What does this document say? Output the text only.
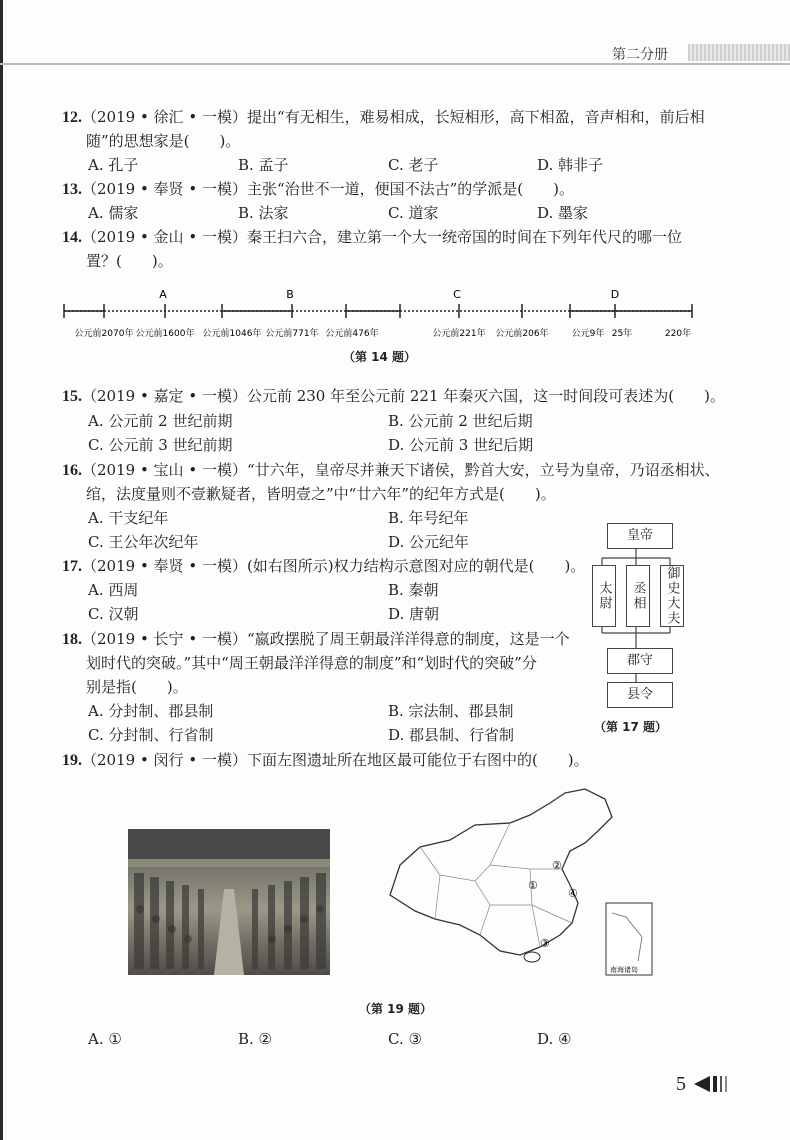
第二分册
12.（2019 • 徐汇 • 一模）提出“有无相生，难易相成，长短相形，高下相盈，音声相和，前后相
随”的思想家是(　　)。
A. 孔子	B. 孟子	C. 老子	D. 韩非子
13.（2019 • 奉贤 • 一模）主张“治世不一道，便国不法古”的学派是(　　)。
A. 儒家	B. 法家	C. 道家	D. 墨家
14.（2019 • 金山 • 一模）秦王扫六合，建立第一个大一统帝国的时间在下列年代尺的哪一位
置？(　　)。
A	B	C	D
公元前2070年 公元前1600年 公元前1046年 公元前771年 公元前476年	公元前221年 公元前206年	公元9年 25年	220年
（第 14 题）
15.（2019 • 嘉定 • 一模）公元前 230 年至公元前 221 年秦灭六国，这一时间段可表述为(　　)。
A. 公元前 2 世纪前期	B. 公元前 2 世纪后期
C. 公元前 3 世纪前期	D. 公元前 3 世纪后期
16.（2019 • 宝山 • 一模）“廿六年，皇帝尽并兼天下诸侯，黔首大安，立号为皇帝，乃诏丞相状、
绾，法度量则不壹歉疑者，皆明壹之”中“廿六年”的纪年方式是(　　)。
A. 干支纪年	B. 年号纪年
C. 王公年次纪年	D. 公元纪年
17.（2019 • 奉贤 • 一模）(如右图所示)权力结构示意图对应的朝代是(　　)。
A. 西周	B. 秦朝
C. 汉朝	D. 唐朝
皇帝
太尉	丞相	御史大夫
郡守
县令
（第 17 题）
18.（2019 • 长宁 • 一模）“嬴政摆脱了周王朝最洋洋得意的制度，这是一个
划时代的突破。”其中“周王朝最洋洋得意的制度”和“划时代的突破”分
别是指(　　)。
A. 分封制、郡县制	B. 宗法制、郡县制
C. 分封制、行省制	D. 郡县制、行省制
19.（2019 • 闵行 • 一模）下面左图遗址所在地区最可能位于右图中的(　　)。
②
①
④
③
南海诸岛
（第 19 题）
A. ①	B. ②	C. ③	D. ④
5
